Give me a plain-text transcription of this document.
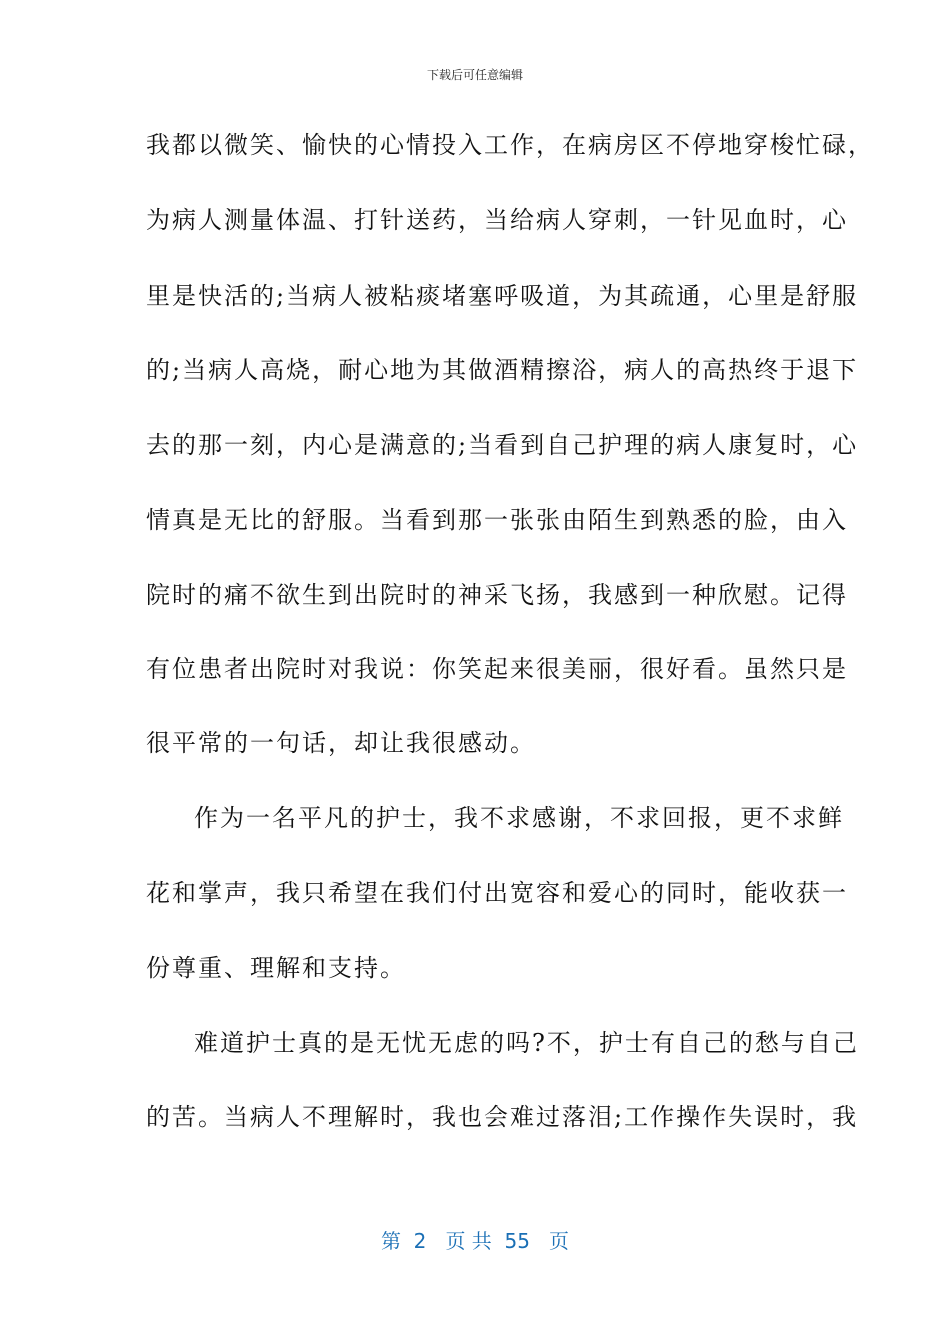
下载后可任意编辑
我都以微笑、愉快的心情投入工作，在病房区不停地穿梭忙碌，
为病人测量体温、打针送药，当给病人穿刺，一针见血时，心
里是快活的;当病人被粘痰堵塞呼吸道，为其疏通，心里是舒服
的;当病人高烧，耐心地为其做酒精擦浴，病人的高热终于退下
去的那一刻，内心是满意的;当看到自己护理的病人康复时，心
情真是无比的舒服。当看到那一张张由陌生到熟悉的脸，由入
院时的痛不欲生到出院时的神采飞扬，我感到一种欣慰。记得
有位患者出院时对我说：你笑起来很美丽，很好看。虽然只是
很平常的一句话，却让我很感动。
作为一名平凡的护士，我不求感谢，不求回报，更不求鲜
花和掌声，我只希望在我们付出宽容和爱心的同时，能收获一
份尊重、理解和支持。
难道护士真的是无忧无虑的吗?不，护士有自己的愁与自己
的苦。当病人不理解时，我也会难过落泪;工作操作失误时，我
第  2   页 共  55   页
